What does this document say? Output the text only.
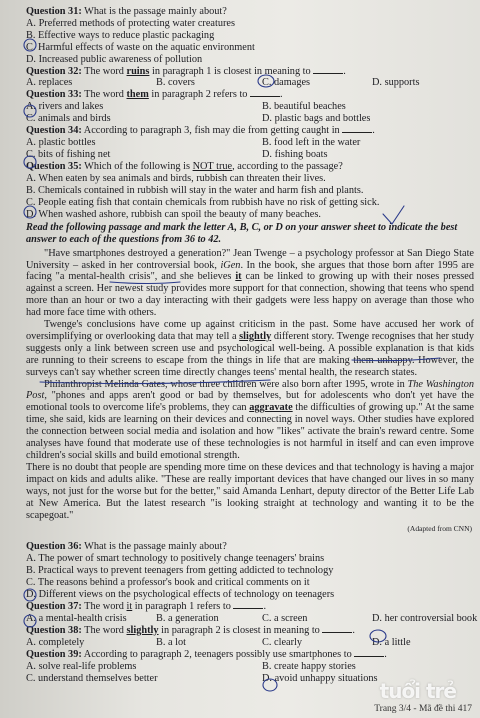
Question 31: What is the passage mainly about?
A. Preferred methods of protecting water creatures
B. Effective ways to reduce plastic packaging
C. Harmful effects of waste on the aquatic environment
D. Increased public awareness of pollution
Question 32: The word ruins in paragraph 1 is closest in meaning to	.
A. replaces	B. covers	C. damages	D. supports
Question 33: The word them in paragraph 2 refers to	.
A. rivers and lakes	B. beautiful beaches
C. animals and birds	D. plastic bags and bottles
Question 34: According to paragraph 3, fish may die from getting caught in	.
A. plastic bottles	B. food left in the water
C. bits of fishing net	D. fishing boats
Question 35: Which of the following is NOT true, according to the passage?
A. When eaten by sea animals and birds, rubbish can threaten their lives.
B. Chemicals contained in rubbish will stay in the water and harm fish and plants.
C. People eating fish that contain chemicals from rubbish have no risk of getting sick.
D. When washed ashore, rubbish can spoil the beauty of many beaches.
Read the following passage and mark the letter A, B, C, or D on your answer sheet to indicate the best answer to each of the questions from 36 to 42.

"Have smartphones destroyed a generation?" Jean Twenge – a psychology professor at San Diego State University – asked in her controversial book, iGen. In the book, she argues that those born after 1995 are facing "a mental-health crisis", and she believes it can be linked to growing up with their noses pressed against a screen. Her newest study provides more support for that connection, showing that teens who spend more than an hour or two a day interacting with their gadgets were less happy on average than those who had more face time with others.

Twenge's conclusions have come up against criticism in the past. Some have accused her work of oversimplifying or overlooking data that may tell a slightly different story. Twenge recognises that her study suggests only a link between screen use and psychological well-being. A possible explanation is that kids are running to their screens to escape from the things in life that are making them unhappy. However, the surveys can't say whether screen time directly changes teens' mental health, the research states.

Philanthropist Melinda Gates, whose three children were also born after 1995, wrote in The Washington Post, "phones and apps aren't good or bad by themselves, but for adolescents who don't yet have the emotional tools to overcome life's problems, they can aggravate the difficulties of growing up." At the same time, she said, kids are learning on their devices and connecting in novel ways. Other studies have explored the connection between social media and isolation and how "likes" activate the brain's reward centre. Some analyses have found that moderate use of these technologies is not harmful in itself and can even improve children's social skills and build emotional strength.

There is no doubt that people are spending more time on these devices and that technology is having a major impact on kids and adults alike. "These are really important devices that have changed our lives in so many ways, not just for the worse but for the better," said Amanda Lenhart, deputy director of the Better Life Lab at New America. But the latest research "is looking straight at technology and wanting it to be the scapegoat."

(Adapted from CNN)
Question 36: What is the passage mainly about?
A. The power of smart technology to positively change teenagers' brains
B. Practical ways to prevent teenagers from getting addicted to technology
C. The reasons behind a professor's book and critical comments on it
D. Different views on the psychological effects of technology on teenagers
Question 37: The word it in paragraph 1 refers to	.
A. a mental-health crisis	B. a generation	C. a screen	D. her controversial book
Question 38: The word slightly in paragraph 2 is closest in meaning to	.
A. completely	B. a lot	C. clearly	D. a little
Question 39: According to paragraph 2, teenagers possibly use smartphones to	.
A. solve real-life problems	B. create happy stories
C. understand themselves better	D. avoid unhappy situations
tuổi trẻ
Trang 3/4 - Mã đề thi 417
